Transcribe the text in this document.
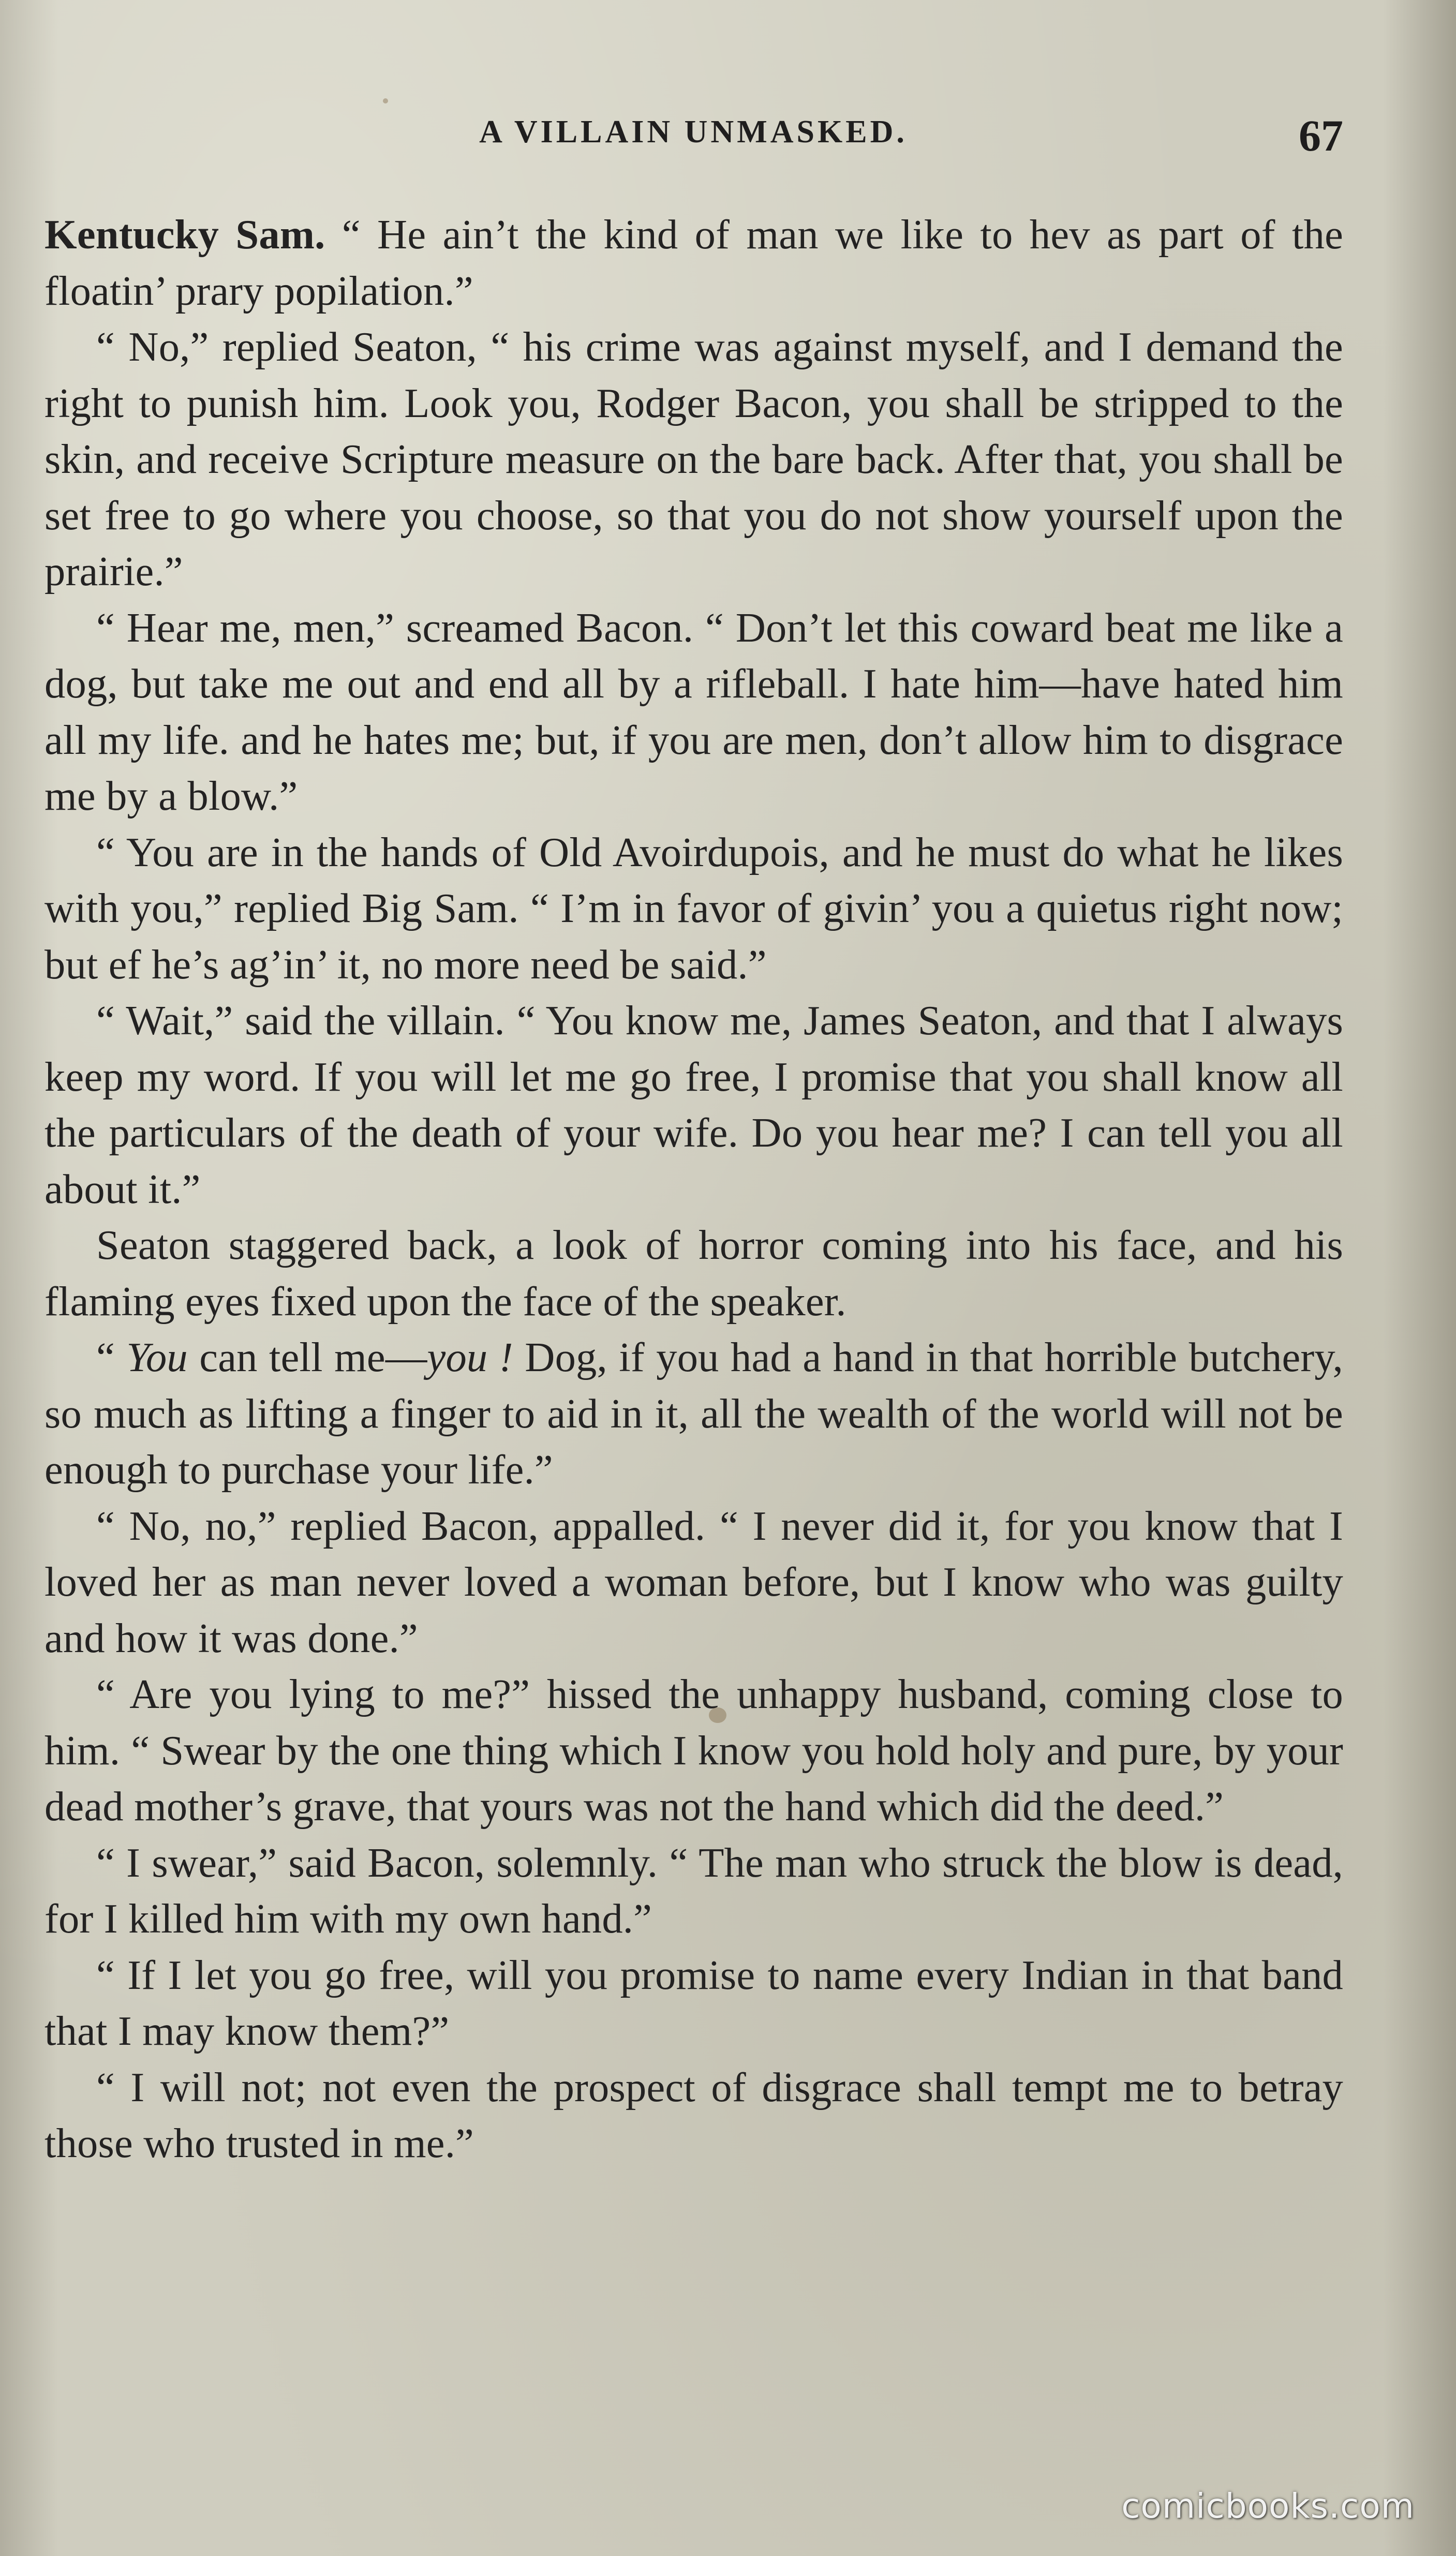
A VILLAIN UNMASKED.	67

Kentucky Sam. “ He ain’t the kind of man we like to hev as part of the floatin’ prary popilation.”

“ No,” replied Seaton, “ his crime was against myself, and I demand the right to punish him. Look you, Rodger Bacon, you shall be stripped to the skin, and receive Scripture measure on the bare back. After that, you shall be set free to go where you choose, so that you do not show yourself upon the prairie.”

“ Hear me, men,” screamed Bacon. “ Don’t let this coward beat me like a dog, but take me out and end all by a rifleball. I hate him—have hated him all my life. and he hates me; but, if you are men, don’t allow him to disgrace me by a blow.”

“ You are in the hands of Old Avoirdupois, and he must do what he likes with you,” replied Big Sam. “ I’m in favor of givin’ you a quietus right now; but ef he’s ag’in’ it, no more need be said.”

“ Wait,” said the villain. “ You know me, James Seaton, and that I always keep my word. If you will let me go free, I promise that you shall know all the particulars of the death of your wife. Do you hear me? I can tell you all about it.”

Seaton staggered back, a look of horror coming into his face, and his flaming eyes fixed upon the face of the speaker.

“ You can tell me—you ! Dog, if you had a hand in that horrible butchery, so much as lifting a finger to aid in it, all the wealth of the world will not be enough to purchase your life.”

“ No, no,” replied Bacon, appalled. “ I never did it, for you know that I loved her as man never loved a woman before, but I know who was guilty and how it was done.”

“ Are you lying to me?” hissed the unhappy husband, coming close to him. “ Swear by the one thing which I know you hold holy and pure, by your dead mother’s grave, that yours was not the hand which did the deed.”

“ I swear,” said Bacon, solemnly. “ The man who struck the blow is dead, for I killed him with my own hand.”

“ If I let you go free, will you promise to name every Indian in that band that I may know them?”

“ I will not; not even the prospect of disgrace shall tempt me to betray those who trusted in me.”

comicbooks.com
